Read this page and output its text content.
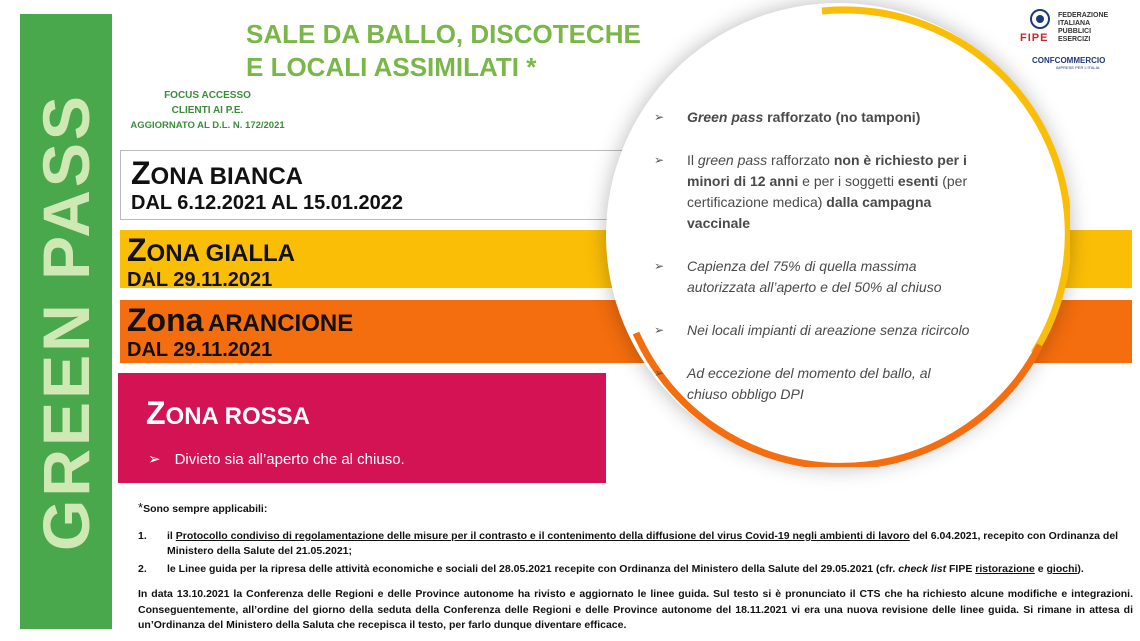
GREEN PASS
SALE DA BALLO, DISCOTECHE
E LOCALI ASSIMILATI *
FOCUS ACCESSO
CLIENTI AI P.E.
AGGIORNATO AL D.L. N. 172/2021
FIPE
FEDERAZIONE
ITALIANA
PUBBLICI
ESERCIZI
CONFCOMMERCIO
IMPRESE PER L'ITALIA
ZONA BIANCA
DAL 6.12.2021 AL 15.01.2022
ZONA GIALLA
DAL 29.11.2021
Zona ARANCIONE
DAL 29.11.2021
ZONA ROSSA
➢ Divieto sia all’aperto che al chiuso.
➢ Green pass rafforzato (no tamponi)
➢ Il green pass rafforzato non è richiesto per i minori di 12 anni e per i soggetti esenti (per certificazione medica) dalla campagna vaccinale
➢ Capienza del 75% di quella massima autorizzata all’aperto e del 50% al chiuso
➢ Nei locali impianti di areazione senza ricircolo
➢ Ad eccezione del momento del ballo, al chiuso obbligo DPI
*Sono sempre applicabili:
1. il Protocollo condiviso di regolamentazione delle misure per il contrasto e il contenimento della diffusione del virus Covid-19 negli ambienti di lavoro del 6.04.2021, recepito con Ordinanza del Ministero della Salute del 21.05.2021;
2. le Linee guida per la ripresa delle attività economiche e sociali del 28.05.2021 recepite con Ordinanza del Ministero della Salute del 29.05.2021 (cfr. check list FIPE ristorazione e giochi).

In data 13.10.2021 la Conferenza delle Regioni e delle Province autonome ha rivisto e aggiornato le linee guida. Sul testo si è pronunciato il CTS che ha richiesto alcune modifiche e integrazioni. Conseguentemente, all’ordine del giorno della seduta della Conferenza delle Regioni e delle Province autonome del 18.11.2021 vi era una nuova revisione delle linee guida. Si rimane in attesa di un’Ordinanza del Ministero della Saluta che recepisca il testo, per farlo dunque diventare efficace.
